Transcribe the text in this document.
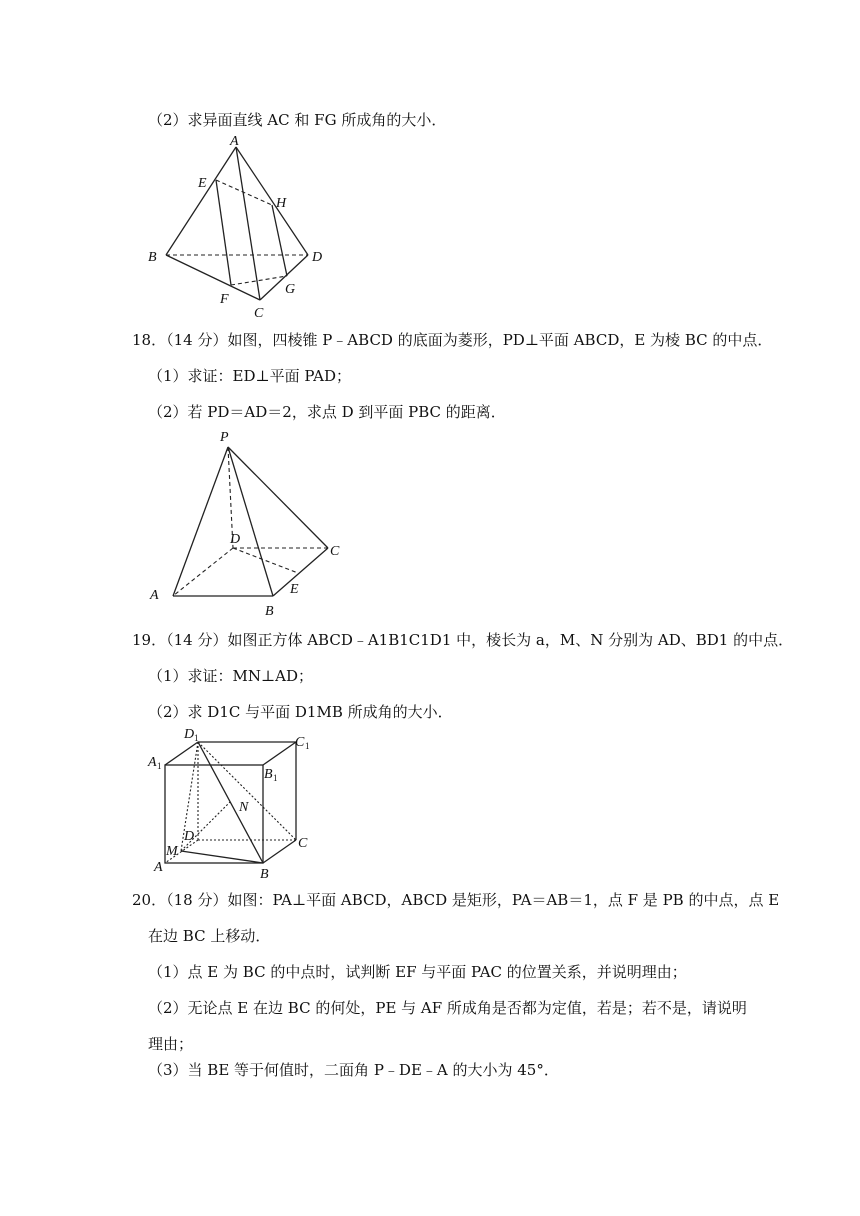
（2）求异面直线 AC 和 FG 所成角的大小．
A
E
H
B	D
F
G
C
18．（14 分）如图，四棱锥 P﹣ABCD 的底面为菱形，PD⊥平面 ABCD，E 为棱 BC 的中点．
（1）求证：ED⊥平面 PAD；
（2）若 PD＝AD＝2，求点 D 到平面 PBC 的距离．
P
D
C
E
A
B
19．（14 分）如图正方体 ABCD﹣A1B1C1D1 中，棱长为 a，M、N 分别为 AD、BD1 的中点．
（1）求证：MN⊥AD；
（2）求 D1C 与平面 D1MB 所成角的大小．
D 1	C 1
A 1
B 1
N
D	C
M
A	B
20．（18 分）如图：PA⊥平面 ABCD，ABCD 是矩形，PA＝AB＝1，点 F 是 PB 的中点，点 E
在边 BC 上移动．
（1）点 E 为 BC 的中点时，试判断 EF 与平面 PAC 的位置关系，并说明理由；
（2）无论点 E 在边 BC 的何处，PE 与 AF 所成角是否都为定值，若是；若不是，请说明
理由；
（3）当 BE 等于何值时，二面角 P﹣DE﹣A 的大小为 45°．
